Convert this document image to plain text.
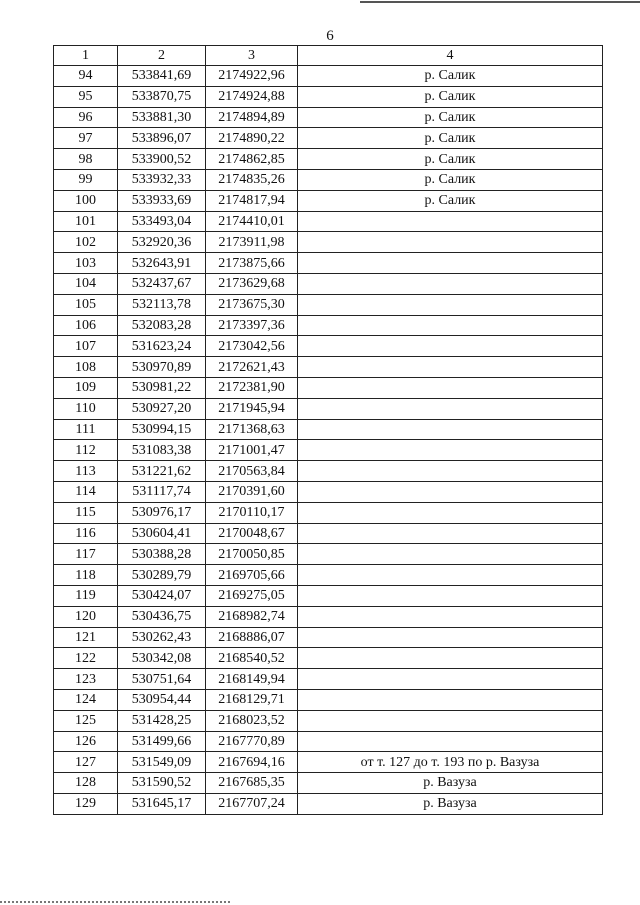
6
1	2	3	4
94	533841,69	2174922,96	р. Салик
95	533870,75	2174924,88	р. Салик
96	533881,30	2174894,89	р. Салик
97	533896,07	2174890,22	р. Салик
98	533900,52	2174862,85	р. Салик
99	533932,33	2174835,26	р. Салик
100	533933,69	2174817,94	р. Салик
101	533493,04	2174410,01	
102	532920,36	2173911,98	
103	532643,91	2173875,66	
104	532437,67	2173629,68	
105	532113,78	2173675,30	
106	532083,28	2173397,36	
107	531623,24	2173042,56	
108	530970,89	2172621,43	
109	530981,22	2172381,90	
110	530927,20	2171945,94	
111	530994,15	2171368,63	
112	531083,38	2171001,47	
113	531221,62	2170563,84	
114	531117,74	2170391,60	
115	530976,17	2170110,17	
116	530604,41	2170048,67	
117	530388,28	2170050,85	
118	530289,79	2169705,66	
119	530424,07	2169275,05	
120	530436,75	2168982,74	
121	530262,43	2168886,07	
122	530342,08	2168540,52	
123	530751,64	2168149,94	
124	530954,44	2168129,71	
125	531428,25	2168023,52	
126	531499,66	2167770,89	
127	531549,09	2167694,16	от т. 127 до т. 193 по р. Вазуза
128	531590,52	2167685,35	р. Вазуза
129	531645,17	2167707,24	р. Вазуза
